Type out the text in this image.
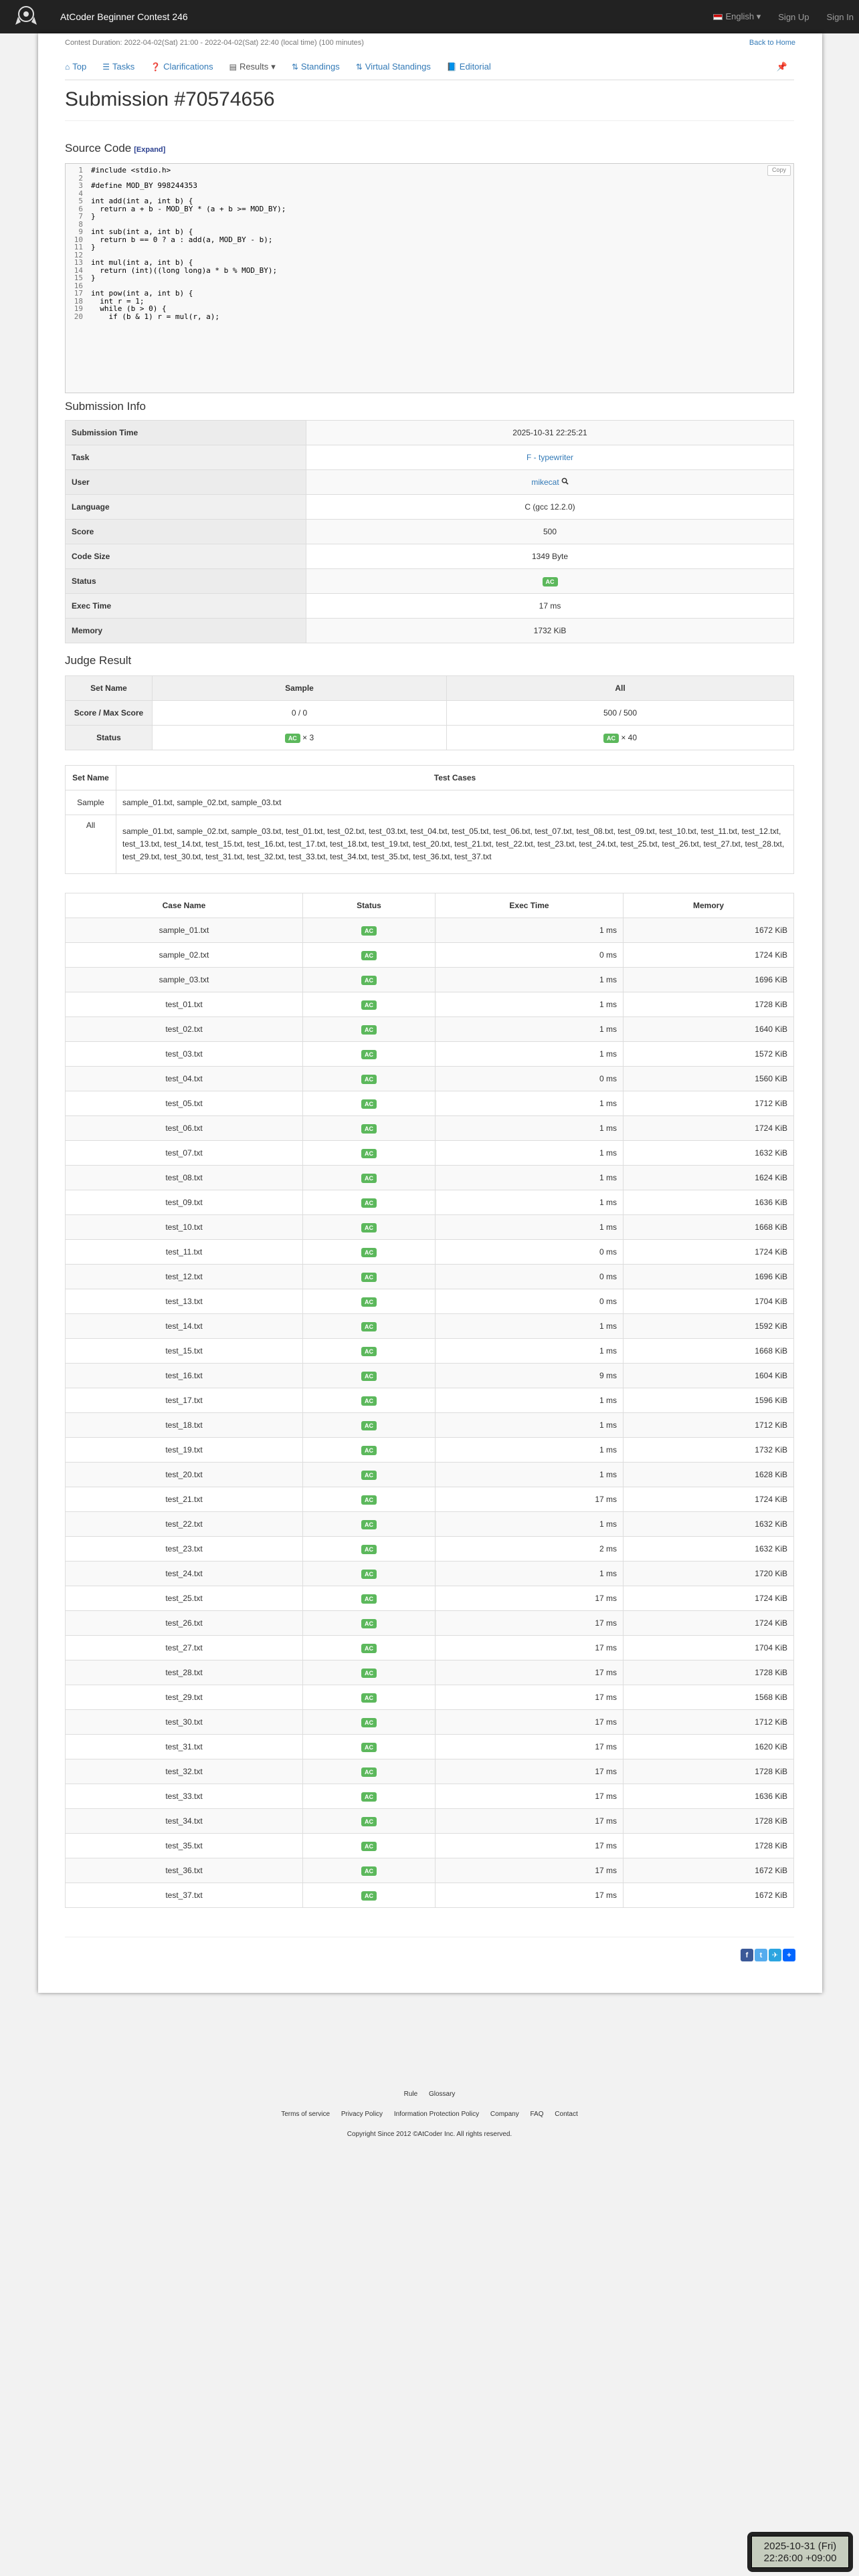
AtCoder Beginner Contest 246	English ▾ Sign Up Sign In
Contest Duration: 2022-04-02(Sat) 21:00 - 2022-04-02(Sat) 22:40 (local time) (100 minutes)	Back to Home
⌂ Top ☰ Tasks ❓ Clarifications ▤ Results ▾ ⇅ Standings ⇅ Virtual Standings 📘 Editorial	📌
Submission #70574656
Source Code [Expand]
1
2
3
4
5
6
7
8
9
10
11
12
13
14
15
16
17
18
19
20
#include <stdio.h>
#define MOD_BY 998244353
int add(int a, int b) {
return a + b - MOD_BY * (a + b >= MOD_BY);
}
int sub(int a, int b) {
return b == 0 ? a : add(a, MOD_BY - b);
}
int mul(int a, int b) {
return (int)((long long)a * b % MOD_BY);
}
int pow(int a, int b) {
int r = 1;
while (b > 0) {
if (b & 1) r = mul(r, a);
Copy
Submission Info
Submission Time	2025-10-31 22:25:21
Task	F - typewriter
User	mikecat
Language	C (gcc 12.2.0)
Score	500
Code Size	1349 Byte
Status	AC
Exec Time	17 ms
Memory	1732 KiB
Judge Result
Set Name	Sample	All
Score / Max Score	0 / 0	500 / 500
Status	AC × 3	AC × 40
Set Name	Test Cases
Sample	sample_01.txt, sample_02.txt, sample_03.txt
All	sample_01.txt, sample_02.txt, sample_03.txt, test_01.txt, test_02.txt, test_03.txt, test_04.txt, test_05.txt, test_06.txt, test_07.txt, test_08.txt, test_09.txt, test_10.txt, test_11.txt, test_12.txt, test_13.txt, test_14.txt, test_15.txt, test_16.txt, test_17.txt, test_18.txt, test_19.txt, test_20.txt, test_21.txt, test_22.txt, test_23.txt, test_24.txt, test_25.txt, test_26.txt, test_27.txt, test_28.txt, test_29.txt, test_30.txt, test_31.txt, test_32.txt, test_33.txt, test_34.txt, test_35.txt, test_36.txt, test_37.txt
Case Name	Status	Exec Time	Memory
sample_01.txt	AC	1 ms	1672 KiB
sample_02.txt	AC	0 ms	1724 KiB
sample_03.txt	AC	1 ms	1696 KiB
test_01.txt	AC	1 ms	1728 KiB
test_02.txt	AC	1 ms	1640 KiB
test_03.txt	AC	1 ms	1572 KiB
test_04.txt	AC	0 ms	1560 KiB
test_05.txt	AC	1 ms	1712 KiB
test_06.txt	AC	1 ms	1724 KiB
test_07.txt	AC	1 ms	1632 KiB
test_08.txt	AC	1 ms	1624 KiB
test_09.txt	AC	1 ms	1636 KiB
test_10.txt	AC	1 ms	1668 KiB
test_11.txt	AC	0 ms	1724 KiB
test_12.txt	AC	0 ms	1696 KiB
test_13.txt	AC	0 ms	1704 KiB
test_14.txt	AC	1 ms	1592 KiB
test_15.txt	AC	1 ms	1668 KiB
test_16.txt	AC	9 ms	1604 KiB
test_17.txt	AC	1 ms	1596 KiB
test_18.txt	AC	1 ms	1712 KiB
test_19.txt	AC	1 ms	1732 KiB
test_20.txt	AC	1 ms	1628 KiB
test_21.txt	AC	17 ms	1724 KiB
test_22.txt	AC	1 ms	1632 KiB
test_23.txt	AC	2 ms	1632 KiB
test_24.txt	AC	1 ms	1720 KiB
test_25.txt	AC	17 ms	1724 KiB
test_26.txt	AC	17 ms	1724 KiB
test_27.txt	AC	17 ms	1704 KiB
test_28.txt	AC	17 ms	1728 KiB
test_29.txt	AC	17 ms	1568 KiB
test_30.txt	AC	17 ms	1712 KiB
test_31.txt	AC	17 ms	1620 KiB
test_32.txt	AC	17 ms	1728 KiB
test_33.txt	AC	17 ms	1636 KiB
test_34.txt	AC	17 ms	1728 KiB
test_35.txt	AC	17 ms	1728 KiB
test_36.txt	AC	17 ms	1672 KiB
test_37.txt	AC	17 ms	1672 KiB
f	t	✈	+
Rule Glossary
Terms of service Privacy Policy Information Protection Policy Company FAQ Contact
Copyright Since 2012 ©AtCoder Inc. All rights reserved.
2025-10-31 (Fri)
22:26:00 +09:00
